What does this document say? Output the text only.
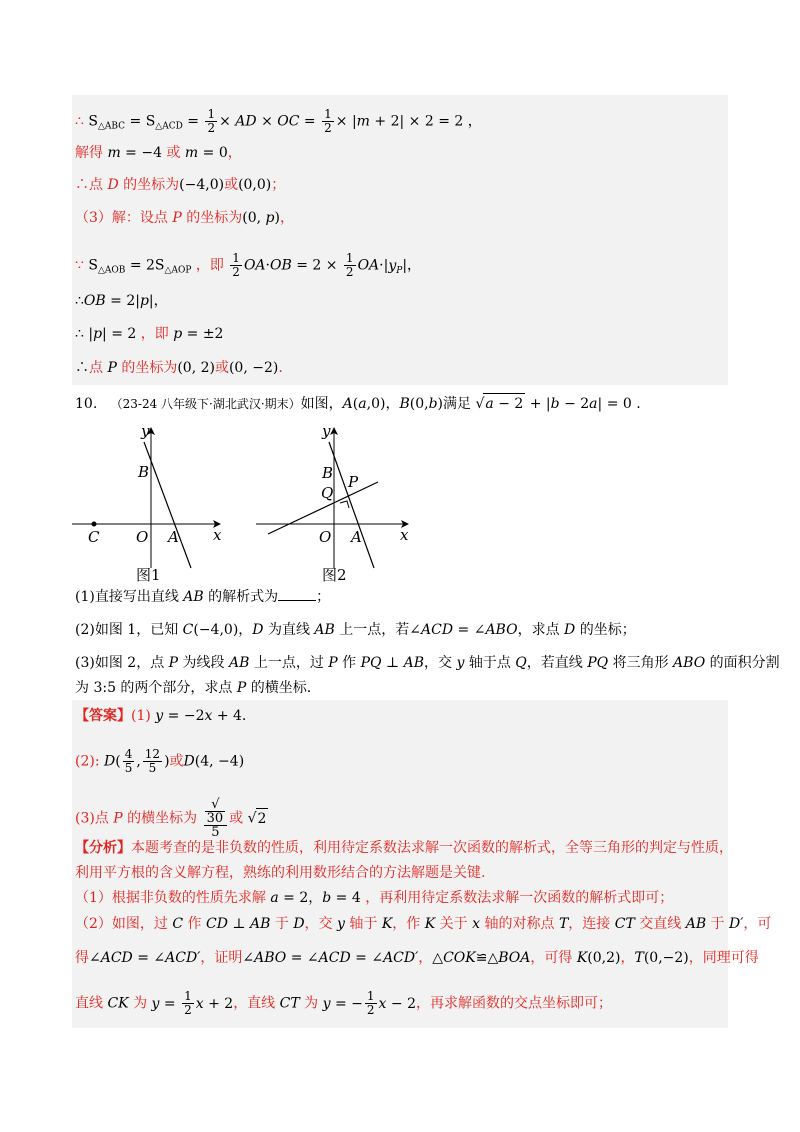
∴ $S_{\triangle ABC} = S_{\triangle ACD} = \frac{1}{2}$ × AD × OC = $\frac{1}{2} \times |m + 2| \times 2 = 2$ ，
解得 m = −4 或 m = 0，
∴点 D 的坐标为(−4,0)或(0,0)；
（3）解：设点 P 的坐标为(0, p)，
∵ $S_{\triangle AOB} = 2S_{\triangle AOP}$ ，即 $\frac{1}{2} OA\cdot OB = 2 \times \frac{1}{2} OA\cdot|y_P|$，
∴OB = 2|p|，
∴ |p| = 2 ，即 p = ±2
∴点 P 的坐标为(0, 2)或(0, −2).
10. （23-24 八年级下·湖北武汉·期末）如图，A(a,0)，B(0,b)满足 √a − 2 + |b − 2a| = 0 .
y
x
B
C O A
图1
y
x
B
Q
P
O A
图2
(1)直接写出直线 AB 的解析式为	；
(2)如图 1，已知 C(−4,0)，D 为直线 AB 上一点，若∠ACD = ∠ABO，求点 D 的坐标；
(3)如图 2，点 P 为线段 AB 上一点，过 P 作 PQ ⊥ AB，交 y 轴于点 Q，若直线 PQ 将三角形 ABO 的面积分割
为 3:5 的两个部分，求点 P 的横坐标.
【答案】(1) y = −2x + 4.
(2): $D( \frac{4}{5}$ , $\frac{12}{5}$ )或D(4, −4)
(3)点 P 的横坐标为 √
30
5 或 √2
【分析】本题考查的是非负数的性质，利用待定系数法求解一次函数的解析式，全等三角形的判定与性质，
利用平方根的含义解方程，熟练的利用数形结合的方法解题是关键.
（1）根据非负数的性质先求解 a = 2，b = 4 ，再利用待定系数法求解一次函数的解析式即可；
（2）如图，过 C 作 CD ⊥ AB 于 D，交 y 轴于 K，作 K 关于 x 轴的对称点 T，连接 CT 交直线 AB 于 D′，可
得∠ACD = ∠ACD′，证明∠ABO = ∠ACD = ∠ACD′，△COK≌△BOA，可得 K(0,2)，T(0,−2)，同理可得
直线 CK 为 $y = \frac{1}{2}$ x + 2，直线 CT 为 y = − $\frac{1}{2}$ x − 2，再求解函数的交点坐标即可；
